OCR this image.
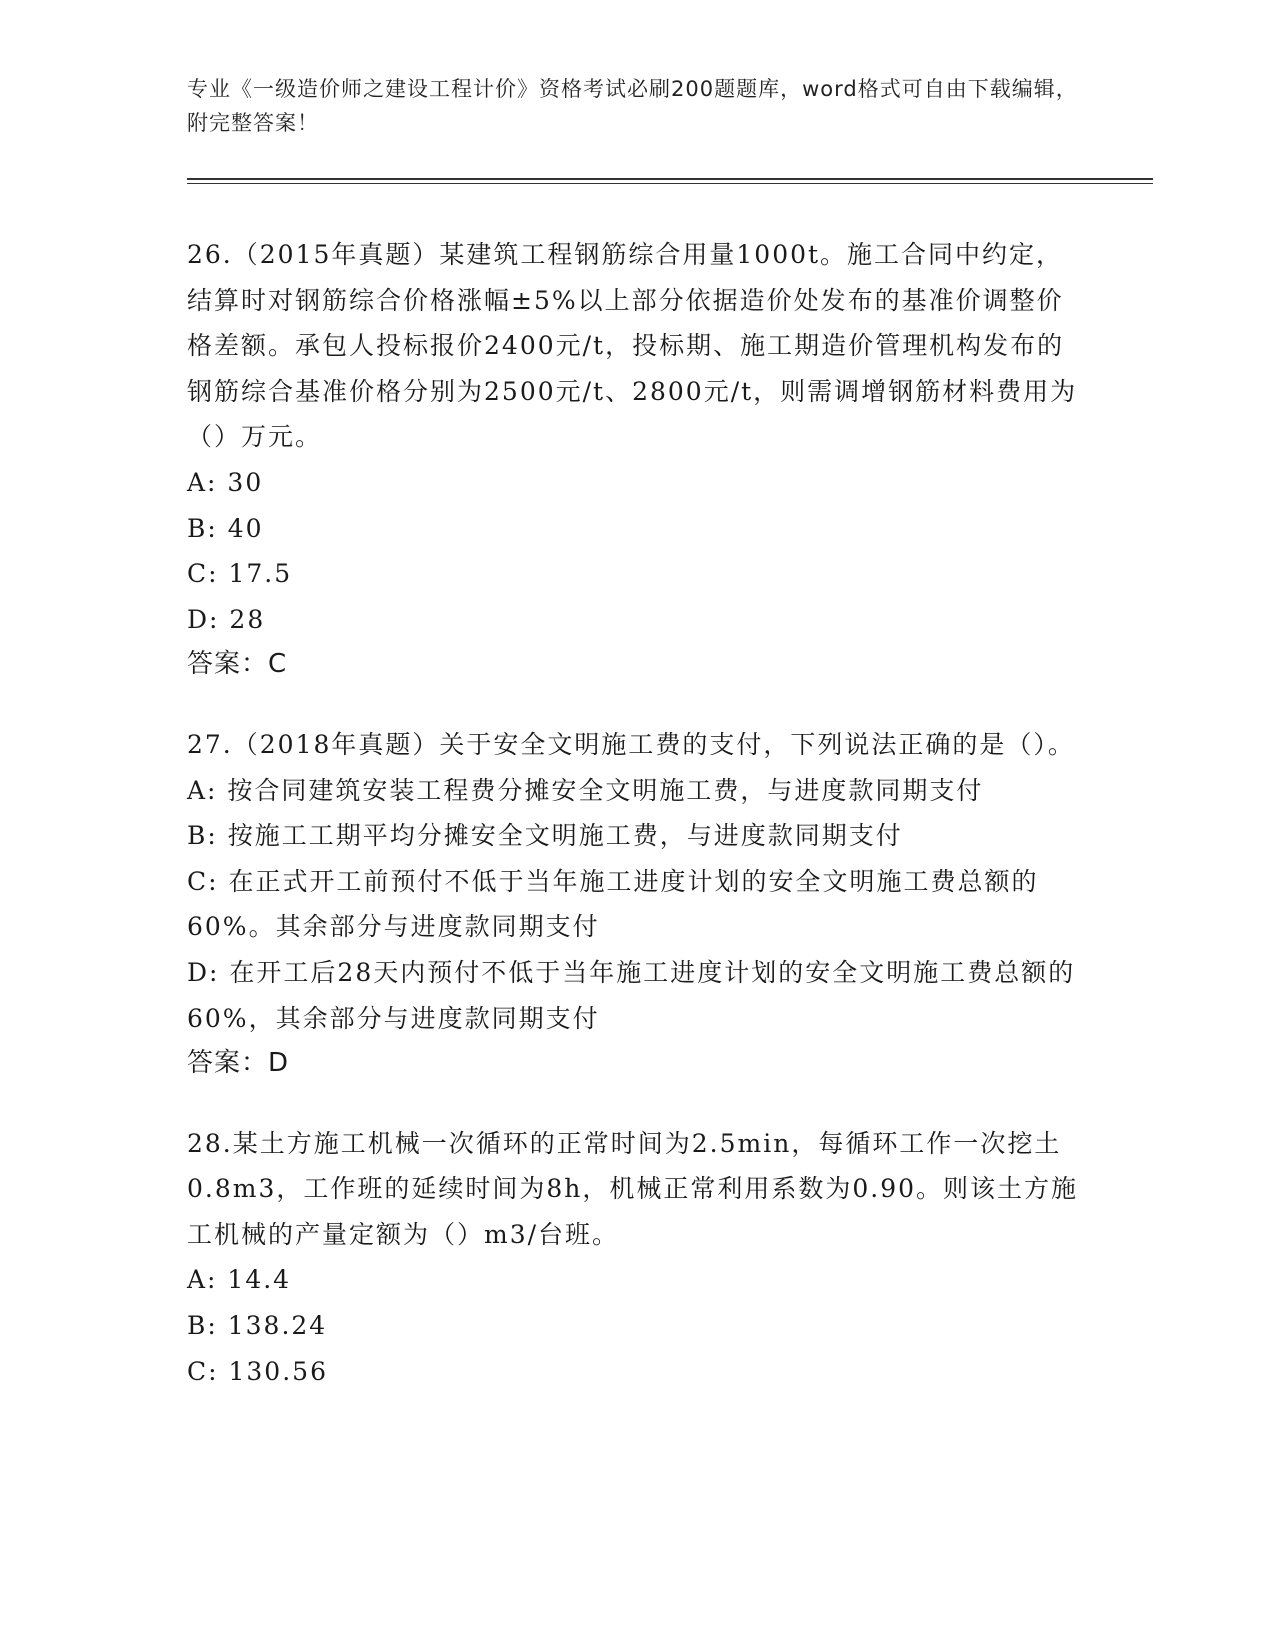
专业《一级造价师之建设工程计价》资格考试必刷200题题库，word格式可自由下载编辑，附完整答案！

26.（2015年真题）某建筑工程钢筋综合用量1000t。施工合同中约定，结算时对钢筋综合价格涨幅±5%以上部分依据造价处发布的基准价调整价格差额。承包人投标报价2400元/t，投标期、施工期造价管理机构发布的钢筋综合基准价格分别为2500元/t、2800元/t，则需调增钢筋材料费用为（）万元。

A: 30

B: 40

C: 17.5

D: 28

答案：C

27.（2018年真题）关于安全文明施工费的支付，下列说法正确的是（）。

A: 按合同建筑安装工程费分摊安全文明施工费，与进度款同期支付

B: 按施工工期平均分摊安全文明施工费，与进度款同期支付

C: 在正式开工前预付不低于当年施工进度计划的安全文明施工费总额的60%。其余部分与进度款同期支付

D: 在开工后28天内预付不低于当年施工进度计划的安全文明施工费总额的60%，其余部分与进度款同期支付

答案：D

28.某土方施工机械一次循环的正常时间为2.5min，每循环工作一次挖土0.8m3，工作班的延续时间为8h，机械正常利用系数为0.90。则该土方施工机械的产量定额为（）m3/台班。

A: 14.4

B: 138.24

C: 130.56
